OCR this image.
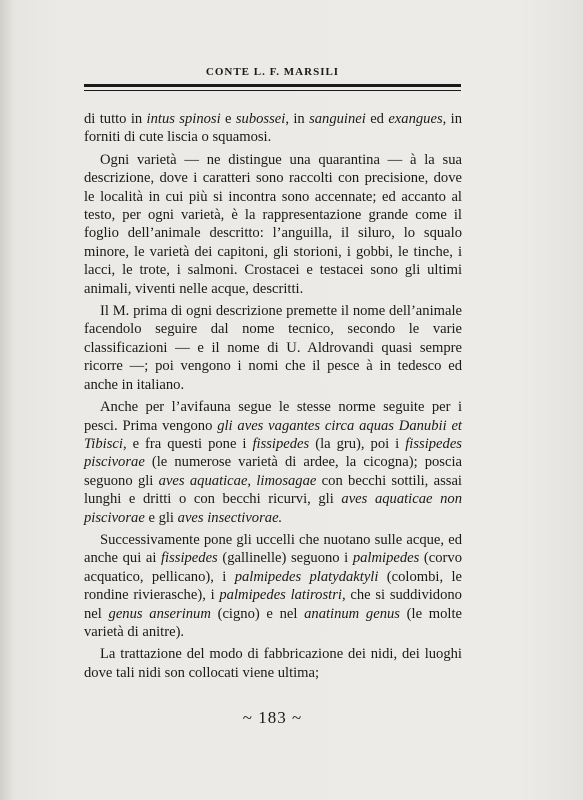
CONTE L. F. MARSILI

di tutto in intus spinosi e subossei, in sanguinei ed exangues, in forniti di cute liscia o squamosi.

Ogni varietà — ne distingue una quarantina — à la sua descrizione, dove i caratteri sono raccolti con precisione, dove le località in cui più si incontra sono accennate; ed accanto al testo, per ogni varietà, è la rappresentazione grande come il foglio dell’animale descritto: l’anguilla, il siluro, lo squalo minore, le varietà dei capitoni, gli storioni, i gobbi, le tinche, i lacci, le trote, i salmoni. Crostacei e testacei sono gli ultimi animali, viventi nelle acque, descritti.

Il M. prima di ogni descrizione premette il nome dell’animale facendolo seguire dal nome tecnico, secondo le varie classificazioni — e il nome di U. Aldrovandi quasi sempre ricorre —; poi vengono i nomi che il pesce à in tedesco ed anche in italiano.

Anche per l’avifauna segue le stesse norme seguite per i pesci. Prima vengono gli aves vagantes circa aquas Danubii et Tibisci, e fra questi pone i fissipedes (la gru), poi i fissipedes piscivorae (le numerose varietà di ardee, la cicogna); poscia seguono gli aves aquaticae, limosagae con becchi sottili, assai lunghi e dritti o con becchi ricurvi, gli aves aquaticae non piscivorae e gli aves insectivorae.

Successivamente pone gli uccelli che nuotano sulle acque, ed anche qui ai fissipedes (gallinelle) seguono i palmipedes (corvo acquatico, pellicano), i palmipedes platydaktyli (colombi, le rondine rivierasche), i palmipedes latirostri, che si suddividono nel genus anserinum (cigno) e nel anatinum genus (le molte varietà di anitre).

La trattazione del modo di fabbricazione dei nidi, dei luoghi dove tali nidi son collocati viene ultima;

~ 183 ~
